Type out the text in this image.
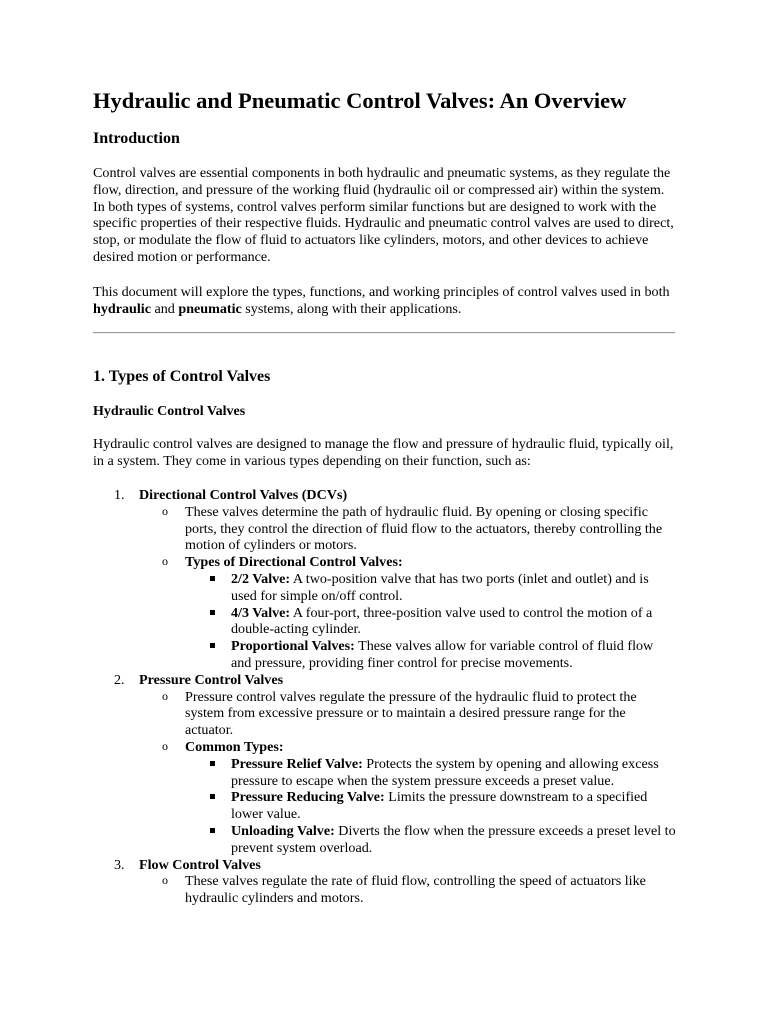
Hydraulic and Pneumatic Control Valves: An Overview
Introduction

Control valves are essential components in both hydraulic and pneumatic systems, as they regulate the flow, direction, and pressure of the working fluid (hydraulic oil or compressed air) within the system. In both types of systems, control valves perform similar functions but are designed to work with the specific properties of their respective fluids. Hydraulic and pneumatic control valves are used to direct, stop, or modulate the flow of fluid to actuators like cylinders, motors, and other devices to achieve desired motion or performance.

This document will explore the types, functions, and working principles of control valves used in both hydraulic and pneumatic systems, along with their applications.

1. Types of Control Valves
Hydraulic Control Valves

Hydraulic control valves are designed to manage the flow and pressure of hydraulic fluid, typically oil, in a system. They come in various types depending on their function, such as:

1. Directional Control Valves (DCVs)
o These valves determine the path of hydraulic fluid. By opening or closing specific ports, they control the direction of fluid flow to the actuators, thereby controlling the motion of cylinders or motors.
o Types of Directional Control Valves:
2/2 Valve: A two-position valve that has two ports (inlet and outlet) and is used for simple on/off control.
4/3 Valve: A four-port, three-position valve used to control the motion of a double-acting cylinder.
Proportional Valves: These valves allow for variable control of fluid flow and pressure, providing finer control for precise movements.
2. Pressure Control Valves
o Pressure control valves regulate the pressure of the hydraulic fluid to protect the system from excessive pressure or to maintain a desired pressure range for the actuator.
o Common Types:
Pressure Relief Valve: Protects the system by opening and allowing excess pressure to escape when the system pressure exceeds a preset value.
Pressure Reducing Valve: Limits the pressure downstream to a specified lower value.
Unloading Valve: Diverts the flow when the pressure exceeds a preset level to prevent system overload.
3. Flow Control Valves
o These valves regulate the rate of fluid flow, controlling the speed of actuators like hydraulic cylinders and motors.
